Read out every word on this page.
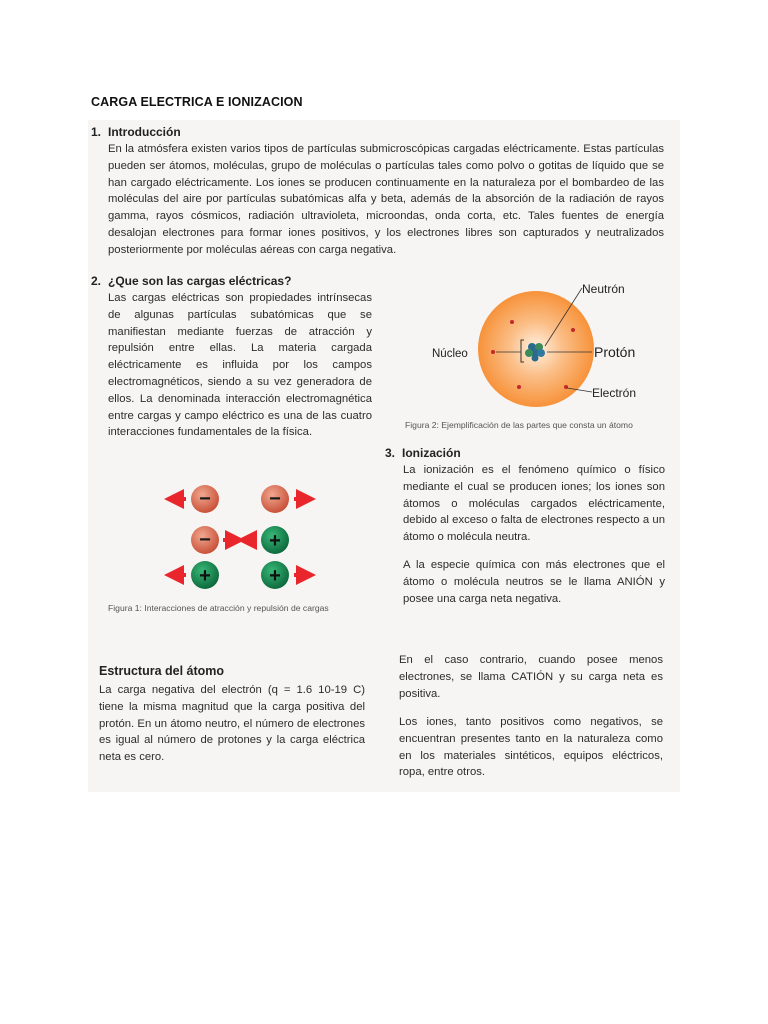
CARGA ELECTRICA E IONIZACION
1. Introducción
En la atmósfera existen varios tipos de partículas submicroscópicas cargadas eléctricamente. Estas partículas pueden ser átomos, moléculas, grupo de moléculas o partículas tales como polvo o gotitas de líquido que se han cargado eléctricamente. Los iones se producen continuamente en la naturaleza por el bombardeo de las moléculas del aire por partículas subatómicas alfa y beta, además de la absorción de la radiación de rayos gamma, rayos cósmicos, radiación ultravioleta, microondas, onda corta, etc. Tales fuentes de energía desalojan electrones para formar iones positivos, y los electrones libres son capturados y neutralizados posteriormente por moléculas aéreas con carga negativa.
2. ¿Que son las cargas eléctricas?
Las cargas eléctricas son propiedades intrínsecas de algunas partículas subatómicas que se manifiestan mediante fuerzas de atracción y repulsión entre ellas. La materia cargada eléctricamente es influida por los campos electromagnéticos, siendo a su vez generadora de ellos. La denominada interacción electromagnética entre cargas y campo eléctrico es una de las cuatro interacciones fundamentales de la física.
Neutrón
Núcleo	Protón
Electrón
Figura 2: Ejemplificación de las partes que consta un átomo
3. Ionización
La ionización es el fenómeno químico o físico mediante el cual se producen iones; los iones son átomos o moléculas cargados eléctricamente, debido al exceso o falta de electrones respecto a un átomo o molécula neutra.
A la especie química con más electrones que el átomo o molécula neutros se le llama ANIÓN y posee una carga neta negativa.
−	−
−	+
+	+
Figura 1: Interacciones de atracción y repulsión de cargas
Estructura del átomo
La carga negativa del electrón (q = 1.6 10-19 C) tiene la misma magnitud que la carga positiva del protón. En un átomo neutro, el número de electrones es igual al número de protones y la carga eléctrica neta es cero.
En el caso contrario, cuando posee menos electrones, se llama CATIÓN y su carga neta es positiva.
Los iones, tanto positivos como negativos, se encuentran presentes tanto en la naturaleza como en los materiales sintéticos, equipos eléctricos, ropa, entre otros.
